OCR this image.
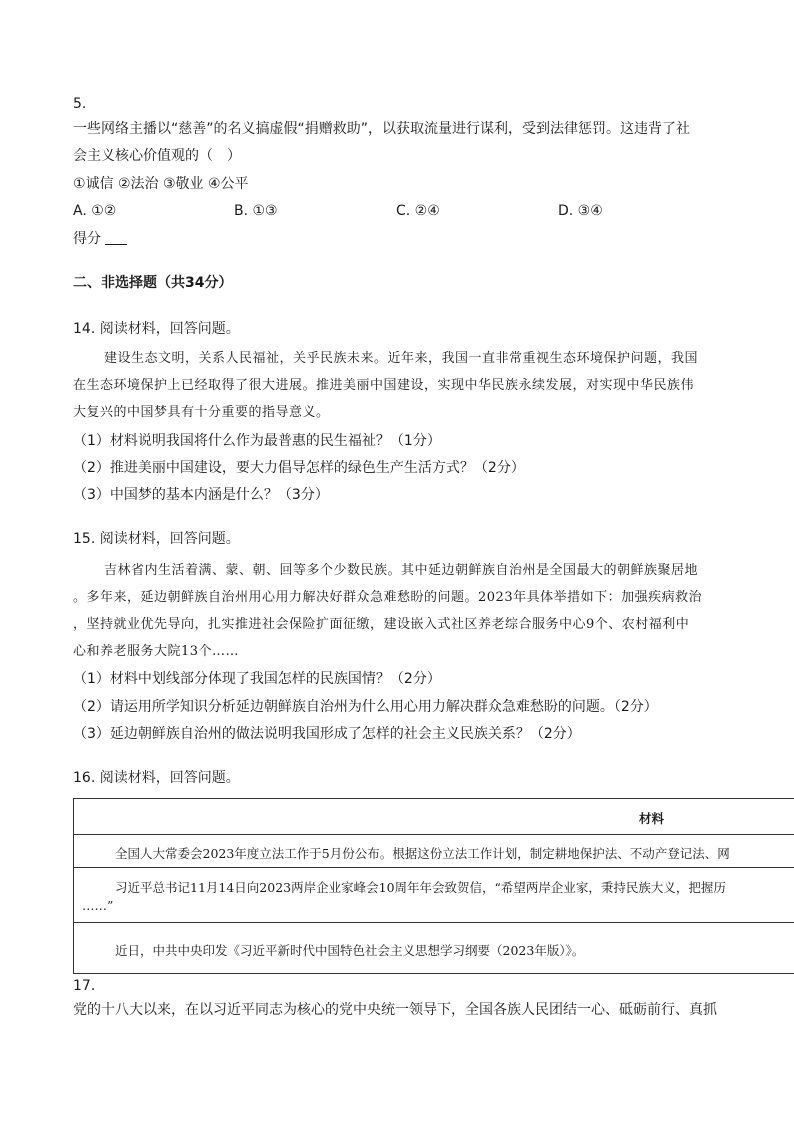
5.
一些网络主播以“慈善”的名义搞虚假“捐赠救助”，以获取流量进行谋利，受到法律惩罚。这违背了社
会主义核心价值观的（　）
①诚信 ②法治 ③敬业 ④公平
A. ①②	B. ①③	C. ②④	D. ③④
得分
二、非选择题（共34分）
14. 阅读材料，回答问题。
建设生态文明，关系人民福祉，关乎民族未来。近年来，我国一直非常重视生态环境保护问题，我国
在生态环境保护上已经取得了很大进展。推进美丽中国建设，实现中华民族永续发展，对实现中华民族伟
大复兴的中国梦具有十分重要的指导意义。
（1）材料说明我国将什么作为最普惠的民生福祉？（1分）
（2）推进美丽中国建设，要大力倡导怎样的绿色生产生活方式？（2分）
（3）中国梦的基本内涵是什么？（3分）
15. 阅读材料，回答问题。
吉林省内生活着满、蒙、朝、回等多个少数民族。其中延边朝鲜族自治州是全国最大的朝鲜族聚居地
。多年来，延边朝鲜族自治州用心用力解决好群众急难愁盼的问题。2023年具体举措如下：加强疾病救治
，坚持就业优先导向，扎实推进社会保险扩面征缴，建设嵌入式社区养老综合服务中心9个、农村福利中
心和养老服务大院13个……
（1）材料中划线部分体现了我国怎样的民族国情？（2分）
（2）请运用所学知识分析延边朝鲜族自治州为什么用心用力解决群众急难愁盼的问题。（2分）
（3）延边朝鲜族自治州的做法说明我国形成了怎样的社会主义民族关系？（2分）
16. 阅读材料，回答问题。
材料
全国人大常委会2023年度立法工作于5月份公布。根据这份立法工作计划，制定耕地保护法、不动产登记法、网
习近平总书记11月14日向2023两岸企业家峰会10周年年会致贺信，“希望两岸企业家，秉持民族大义，把握历
……”
近日，中共中央印发《习近平新时代中国特色社会主义思想学习纲要（2023年版）》。
17.
党的十八大以来，在以习近平同志为核心的党中央统一领导下，全国各族人民团结一心、砥砺前行、真抓
